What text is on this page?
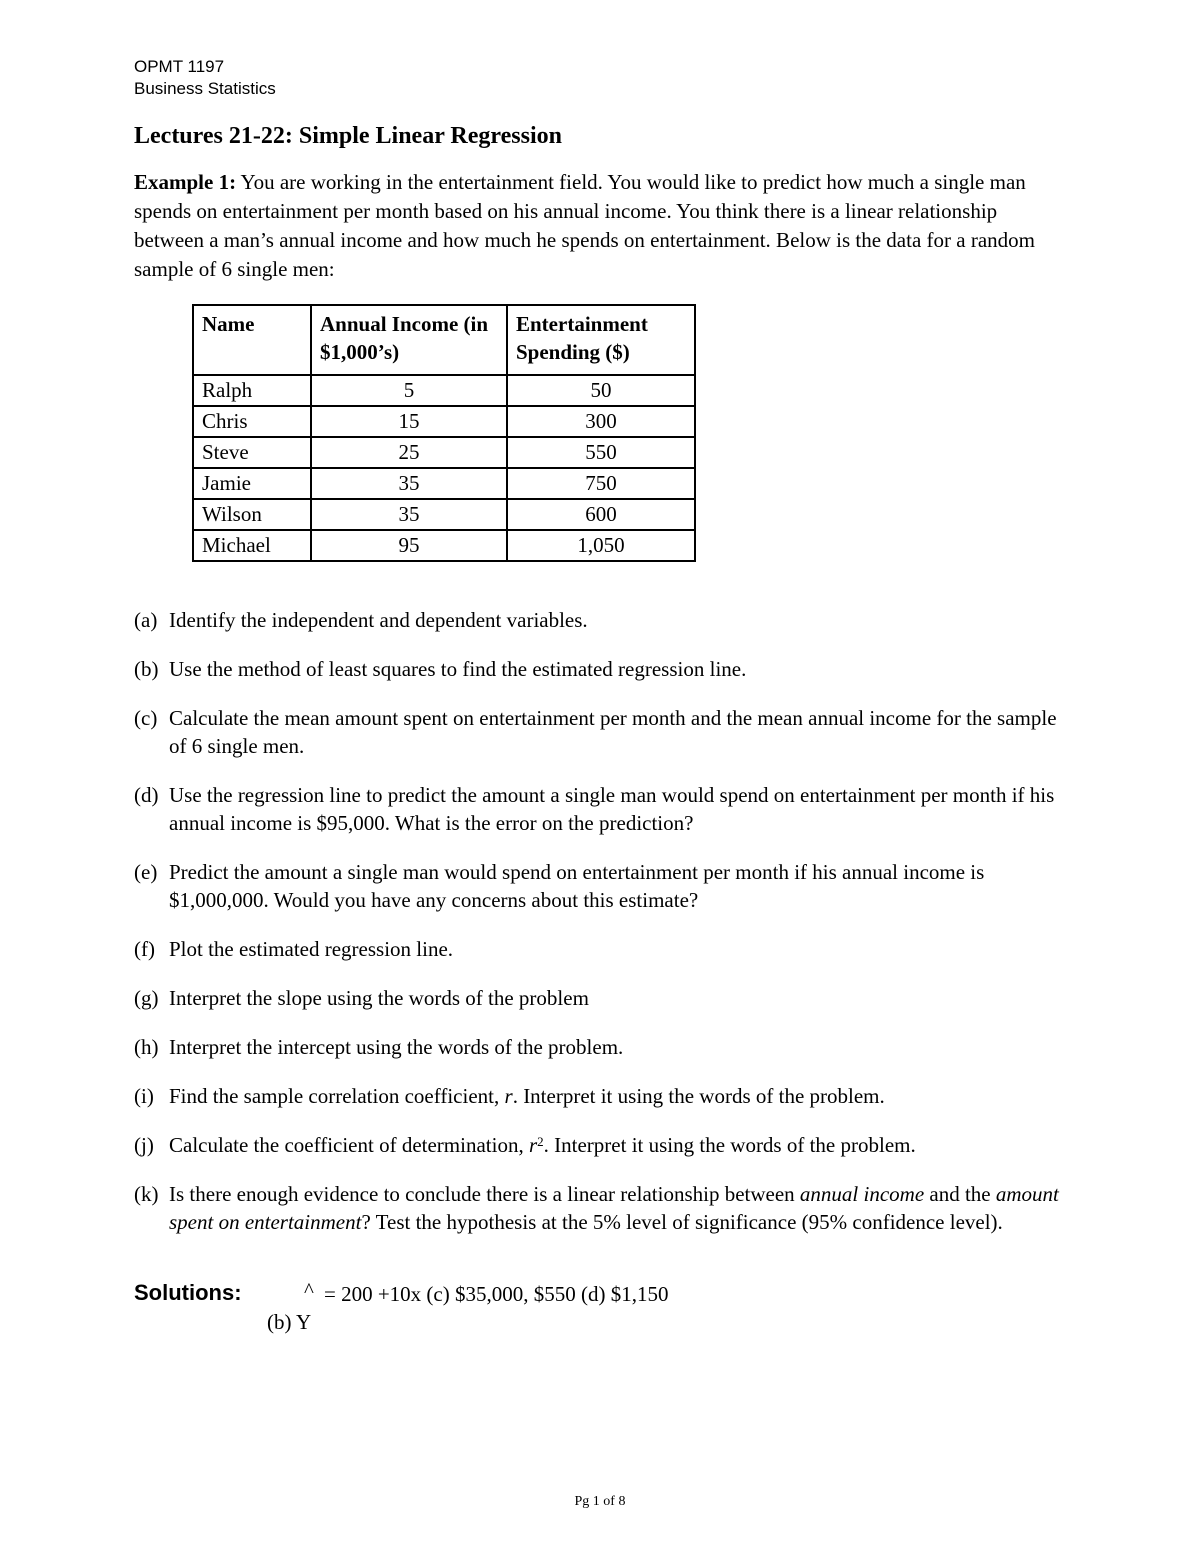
OPMT 1197
Business Statistics
Lectures 21-22: Simple Linear Regression
Example 1: You are working in the entertainment field. You would like to predict how much a single man spends on entertainment per month based on his annual income. You think there is a linear relationship between a man’s annual income and how much he spends on entertainment. Below is the data for a random sample of 6 single men:
Name	Annual Income (in $1,000’s)	Entertainment Spending ($)
Ralph	5	50
Chris	15	300
Steve	25	550
Jamie	35	750
Wilson	35	600
Michael	95	1,050
(a) Identify the independent and dependent variables.
(b) Use the method of least squares to find the estimated regression line.
(c) Calculate the mean amount spent on entertainment per month and the mean annual income for the sample of 6 single men.
(d) Use the regression line to predict the amount a single man would spend on entertainment per month if his annual income is $95,000. What is the error on the prediction?
(e) Predict the amount a single man would spend on entertainment per month if his annual income is $1,000,000. Would you have any concerns about this estimate?
(f) Plot the estimated regression line.
(g) Interpret the slope using the words of the problem
(h) Interpret the intercept using the words of the problem.
(i) Find the sample correlation coefficient, r. Interpret it using the words of the problem.
(j) Calculate the coefficient of determination, $r^2$. Interpret it using the words of the problem.
(k) Is there enough evidence to conclude there is a linear relationship between annual income and the amount spent on entertainment? Test the hypothesis at the 5% level of significance (95% confidence level).
Solutions:	^ = 200 +10x (c) $35,000, $550 (d) $1,150
(b) Y
Pg 1 of 8
